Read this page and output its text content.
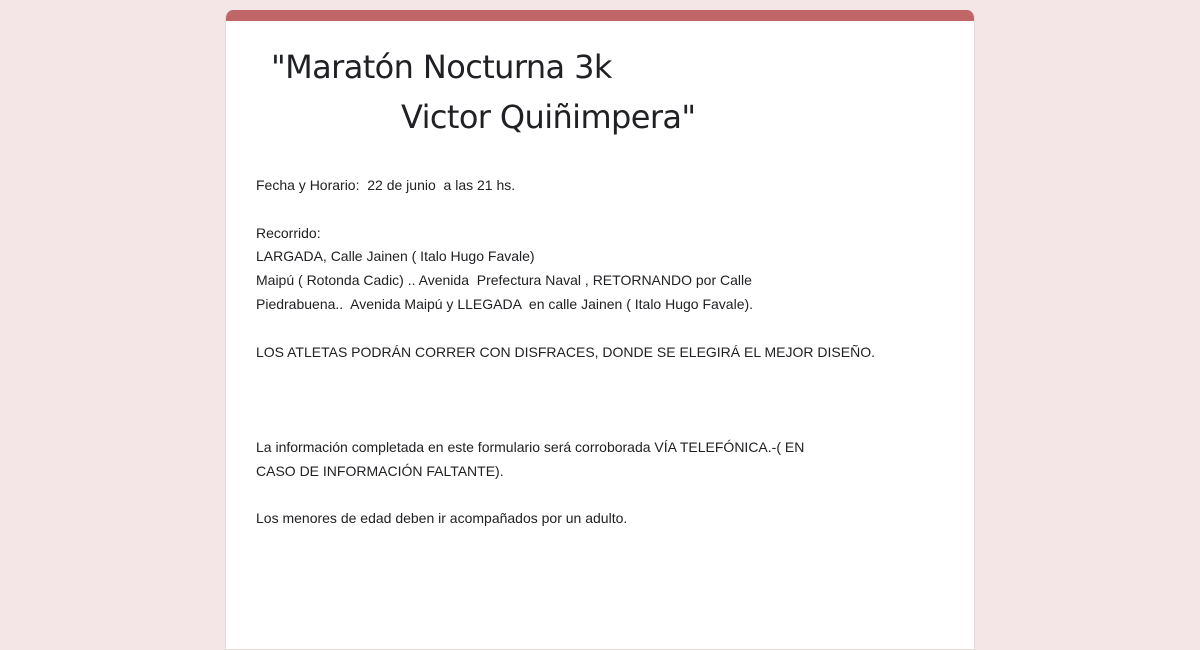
"Maratón Nocturna 3k
Victor Quiñimpera"
Fecha y Horario:  22 de junio  a las 21 hs.
Recorrido:
LARGADA, Calle Jainen ( Italo Hugo Favale)
Maipú ( Rotonda Cadic) .. Avenida  Prefectura Naval , RETORNANDO por Calle
Piedrabuena..  Avenida Maipú y LLEGADA  en calle Jainen ( Italo Hugo Favale).
LOS ATLETAS PODRÁN CORRER CON DISFRACES, DONDE SE ELEGIRÁ EL MEJOR DISEÑO.
La información completada en este formulario será corroborada VÍA TELEFÓNICA.-( EN
CASO DE INFORMACIÓN FALTANTE).
Los menores de edad deben ir acompañados por un adulto.
